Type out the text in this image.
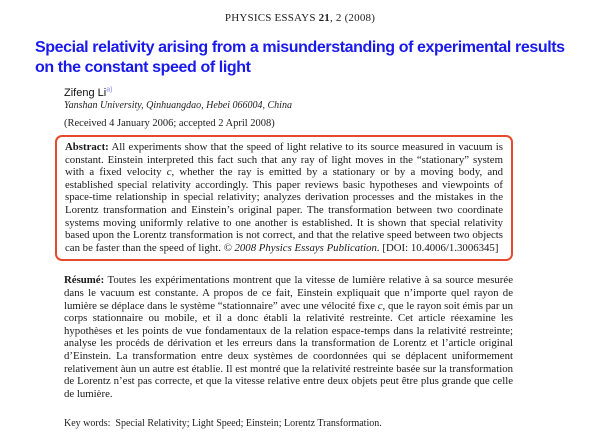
PHYSICS ESSAYS 21, 2 (2008)
Special relativity arising from a misunderstanding of experimental results on the constant speed of light
Zifeng Li$^{a)}$
Yanshan University, Qinhuangdao, Hebei 066004, China
(Received 4 January 2006; accepted 2 April 2008)

Abstract: All experiments show that the speed of light relative to its source measured in vacuum is constant. Einstein interpreted this fact such that any ray of light moves in the “stationary” system with a fixed velocity c, whether the ray is emitted by a stationary or by a moving body, and established special relativity accordingly. This paper reviews basic hypotheses and viewpoints of space-time relationship in special relativity; analyzes derivation processes and the mistakes in the Lorentz transformation and Einstein’s original paper. The transformation between two coordinate systems moving uniformly relative to one another is established. It is shown that special relativity based upon the Lorentz transformation is not correct, and that the relative speed between two objects can be faster than the speed of light. © 2008 Physics Essays Publication. [DOI: 10.4006/1.3006345]

Résumé: Toutes les expérimentations montrent que la vitesse de lumière relative à sa source mesurée dans le vacuum est constante. A propos de ce fait, Einstein expliquait que n’importe quel rayon de lumière se déplace dans le système “stationnaire” avec une vélocité fixe c, que le rayon soit émis par un corps stationnaire ou mobile, et il a donc établi la relativité restreinte. Cet article réexamine les hypothèses et les points de vue fondamentaux de la relation espace-temps dans la relativité restreinte; analyse les procéds de dérivation et les erreurs dans la transformation de Lorentz et l’article original d’Einstein. La transformation entre deux systèmes de coordonnées qui se déplacent uniformement relativement àun un autre est établie. Il est montré que la relativité restreinte basée sur la transformation de Lorentz n’est pas correcte, et que la vitesse relative entre deux objets peut être plus grande que celle de lumière.

Key words: Special Relativity; Light Speed; Einstein; Lorentz Transformation.
